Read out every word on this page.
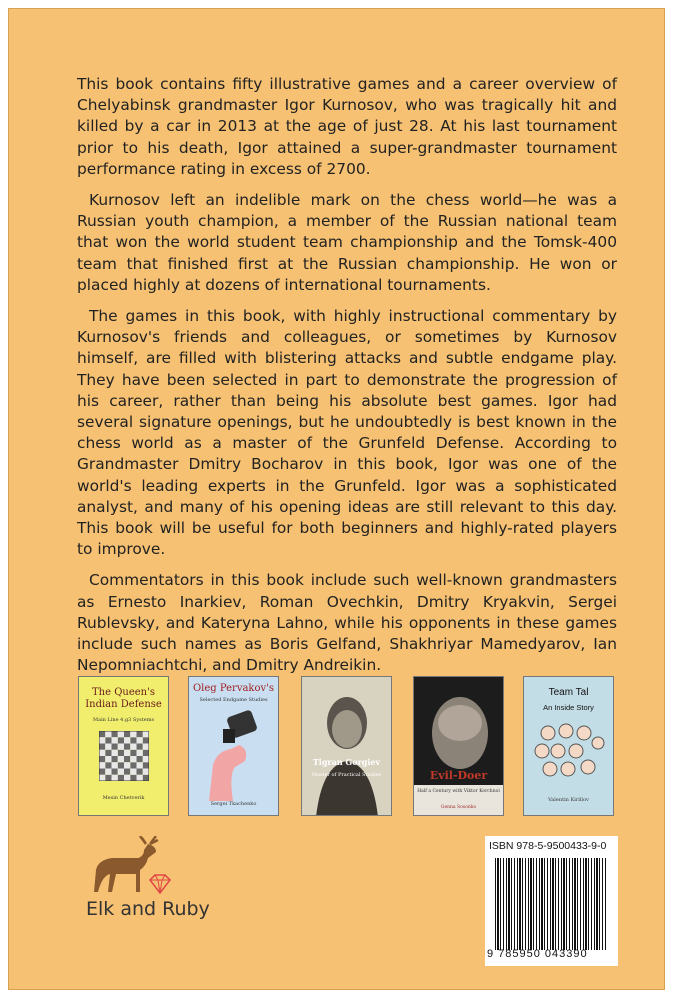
This book contains fifty illustrative games and a career overview of Chelyabinsk grandmaster Igor Kurnosov, who was tragically hit and killed by a car in 2013 at the age of just 28. At his last tournament prior to his death, Igor attained a super-grandmaster tournament performance rating in excess of 2700.

Kurnosov left an indelible mark on the chess world—he was a Russian youth champion, a member of the Russian national team that won the world student team championship and the Tomsk-400 team that finished first at the Russian championship. He won or placed highly at dozens of international tournaments.

The games in this book, with highly instructional commentary by Kurnosov's friends and colleagues, or sometimes by Kurnosov himself, are filled with blistering attacks and subtle endgame play. They have been selected in part to demonstrate the progression of his career, rather than being his absolute best games. Igor had several signature openings, but he undoubtedly is best known in the chess world as a master of the Grunfeld Defense. According to Grandmaster Dmitry Bocharov in this book, Igor was one of the world's leading experts in the Grunfeld. Igor was a sophisticated analyst, and many of his opening ideas are still relevant to this day. This book will be useful for both beginners and highly-rated players to improve.

Commentators in this book include such well-known grandmasters as Ernesto Inarkiev, Roman Ovechkin, Dmitry Kryakvin, Sergei Rublevsky, and Kateryna Lahno, while his opponents in these games include such names as Boris Gelfand, Shakhriyar Mamedyarov, Ian Nepomniachtchi, and Dmitry Andreikin.

The Queen's Indian Defense
Main Line 4.g3 Systems
Mesin Chetverik
Oleg Pervakov's
Selected Endgame Studies
Sergei Tkachenko
Tigran Gorgiev
Master of Practical Studies	Evil-Doer
Half a Century with Viktor Korchnoi
Genna Sosonko
Team Tal
An Inside Story
Valentin Kirillov
Elk and Ruby
ISBN 978-5-9500433-9-0
9 785950 043390
